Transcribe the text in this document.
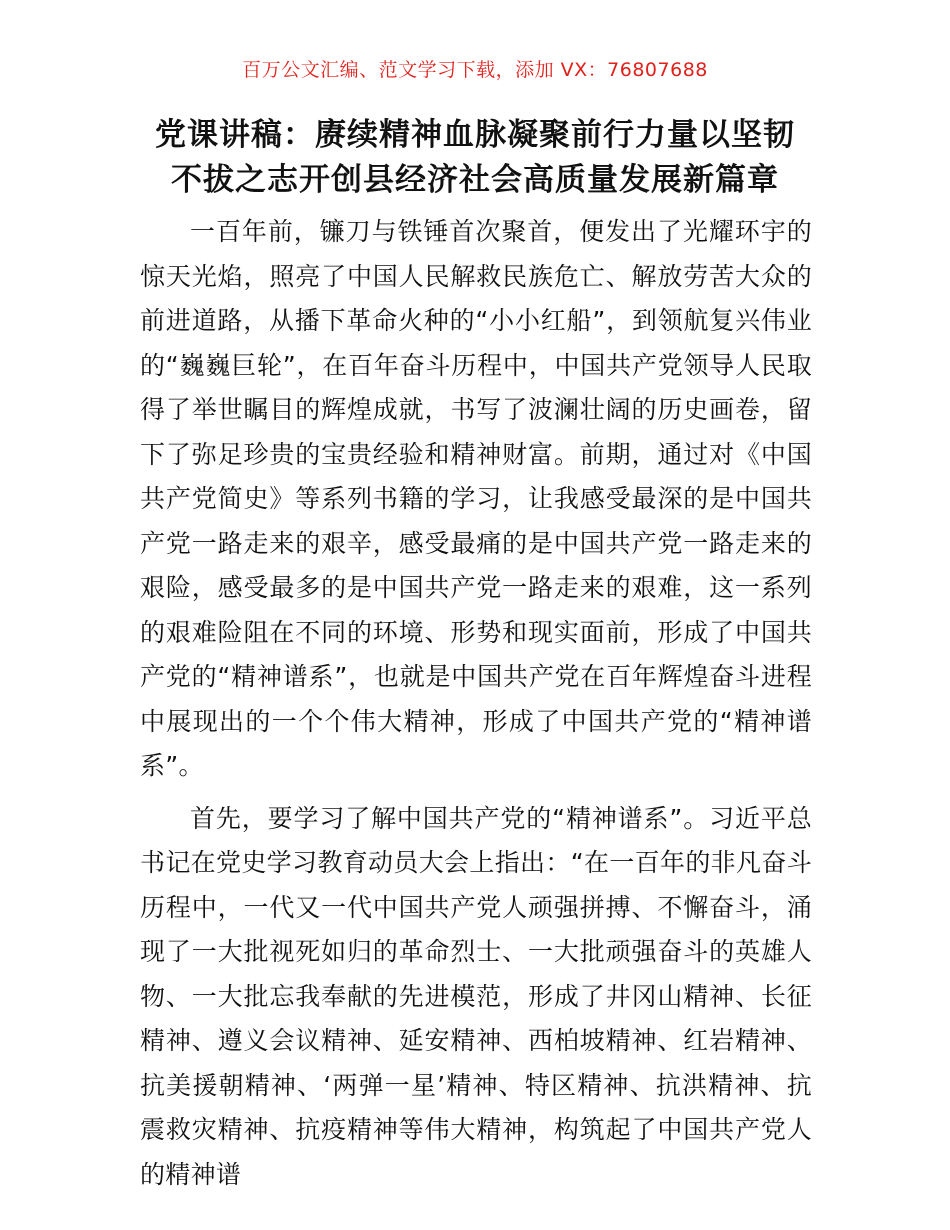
百万公文汇编、范文学习下载，添加 VX：76807688
党课讲稿：赓续精神血脉凝聚前行力量以坚韧
不拔之志开创县经济社会高质量发展新篇章

一百年前，镰刀与铁锤首次聚首，便发出了光耀环宇的惊天光焰，照亮了中国人民解救民族危亡、解放劳苦大众的前进道路，从播下革命火种的“小小红船”，到领航复兴伟业的“巍巍巨轮”，在百年奋斗历程中，中国共产党领导人民取得了举世瞩目的辉煌成就，书写了波澜壮阔的历史画卷，留下了弥足珍贵的宝贵经验和精神财富。前期，通过对《中国共产党简史》等系列书籍的学习，让我感受最深的是中国共产党一路走来的艰辛，感受最痛的是中国共产党一路走来的艰险，感受最多的是中国共产党一路走来的艰难，这一系列的艰难险阻在不同的环境、形势和现实面前，形成了中国共产党的“精神谱系”，也就是中国共产党在百年辉煌奋斗进程中展现出的一个个伟大精神，形成了中国共产党的“精神谱系”。

首先，要学习了解中国共产党的“精神谱系”。习近平总书记在党史学习教育动员大会上指出：“在一百年的非凡奋斗历程中，一代又一代中国共产党人顽强拼搏、不懈奋斗，涌现了一大批视死如归的革命烈士、一大批顽强奋斗的英雄人物、一大批忘我奉献的先进模范，形成了井冈山精神、长征精神、遵义会议精神、延安精神、西柏坡精神、红岩精神、抗美援朝精神、‘两弹一星’精神、特区精神、抗洪精神、抗震救灾精神、抗疫精神等伟大精神，构筑起了中国共产党人的精神谱
